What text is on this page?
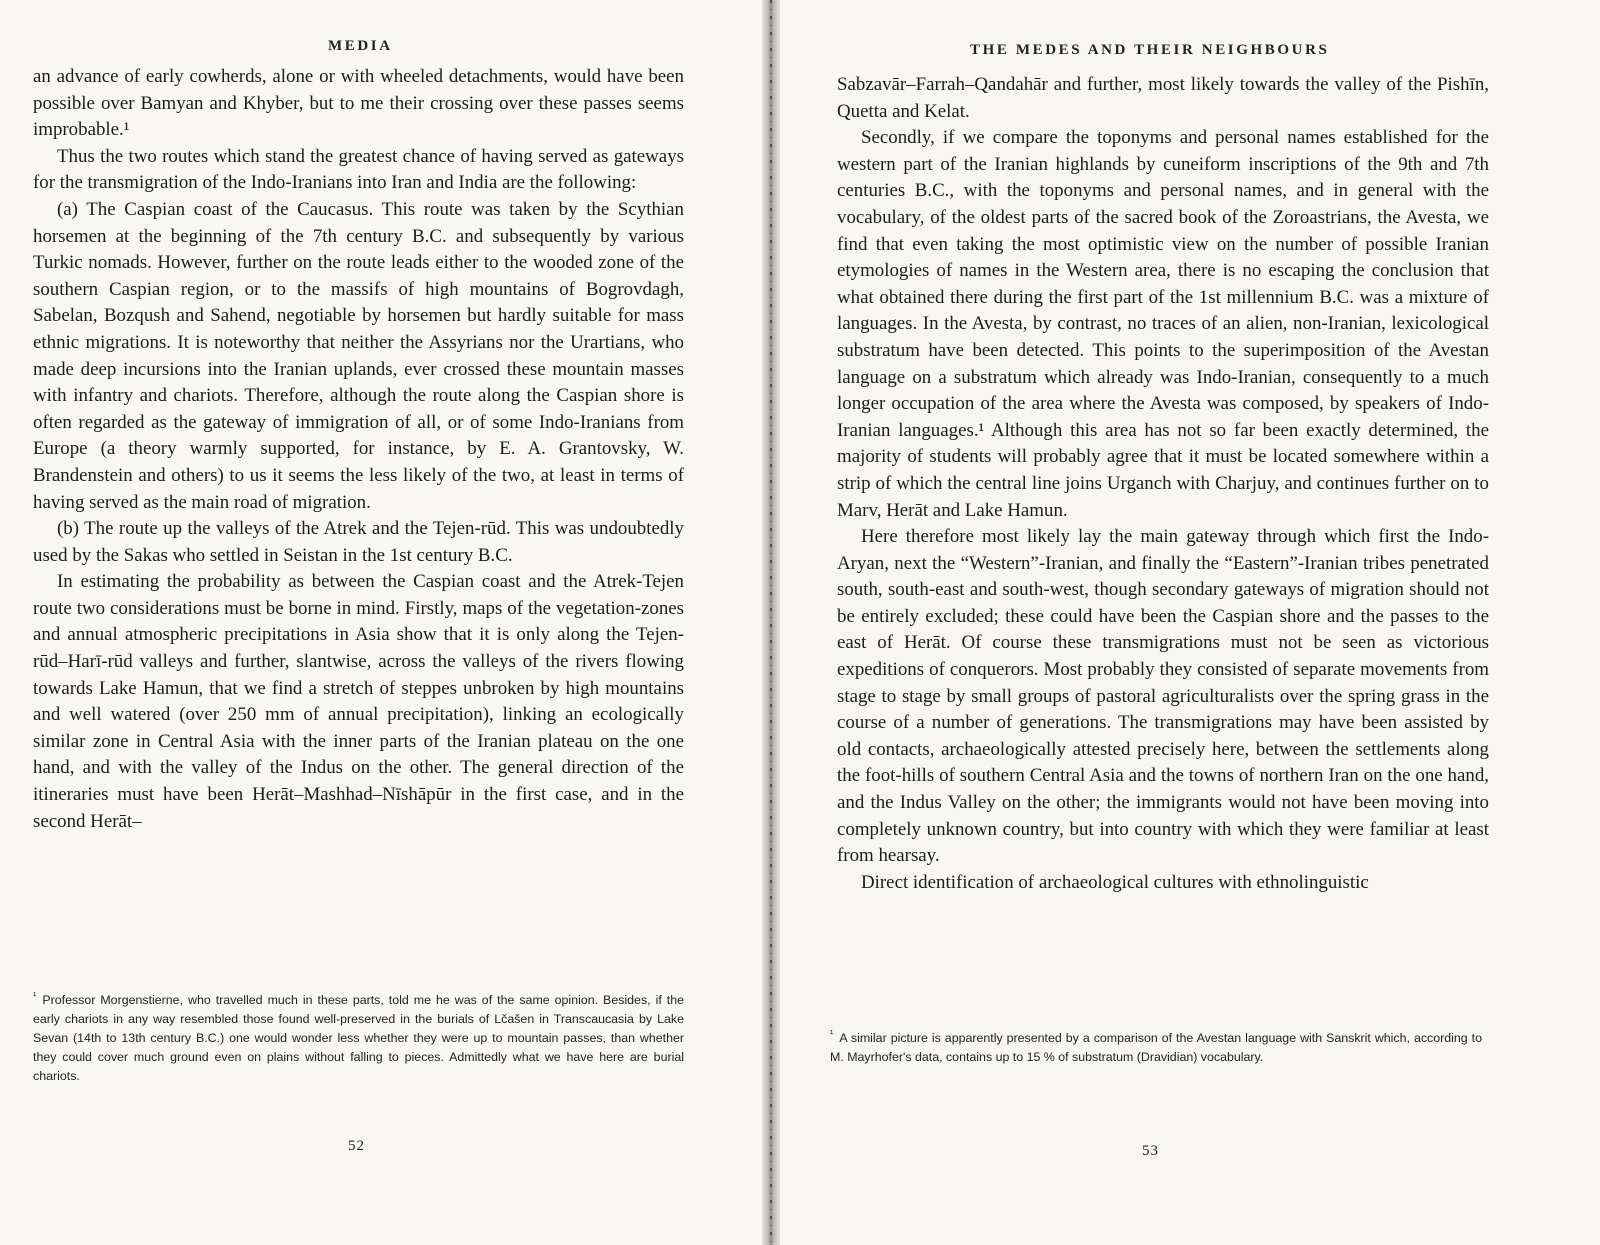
MEDIA

an advance of early cowherds, alone or with wheeled detachments, would have been possible over Bamyan and Khyber, but to me their crossing over these passes seems improbable.¹

Thus the two routes which stand the greatest chance of having served as gateways for the transmigration of the Indo-Iranians into Iran and India are the following:

(a) The Caspian coast of the Caucasus. This route was taken by the Scythian horsemen at the beginning of the 7th century B.C. and subsequently by various Turkic nomads. However, further on the route leads either to the wooded zone of the southern Caspian region, or to the massifs of high mountains of Bogrovdagh, Sabelan, Bozqush and Sahend, negotiable by horsemen but hardly suitable for mass ethnic migrations. It is noteworthy that neither the Assyrians nor the Urartians, who made deep incursions into the Iranian uplands, ever crossed these mountain masses with infantry and chariots. Therefore, although the route along the Caspian shore is often regarded as the gateway of immigration of all, or of some Indo-Iranians from Europe (a theory warmly supported, for instance, by E. A. Grantovsky, W. Brandenstein and others) to us it seems the less likely of the two, at least in terms of having served as the main road of migration.

(b) The route up the valleys of the Atrek and the Tejen-rūd. This was undoubtedly used by the Sakas who settled in Seistan in the 1st century B.C.

In estimating the probability as between the Caspian coast and the Atrek-Tejen route two considerations must be borne in mind. Firstly, maps of the vegetation-zones and annual atmospheric precipitations in Asia show that it is only along the Tejen-rūd–Harī-rūd valleys and further, slantwise, across the valleys of the rivers flowing towards Lake Hamun, that we find a stretch of steppes unbroken by high mountains and well watered (over 250 mm of annual precipitation), linking an ecologically similar zone in Central Asia with the inner parts of the Iranian plateau on the one hand, and with the valley of the Indus on the other. The general direction of the itineraries must have been Herāt–Mashhad–Nīshāpūr in the first case, and in the second Herāt–

$^{^1}$ Professor Morgenstierne, who travelled much in these parts, told me he was of the same opinion. Besides, if the early chariots in any way resembled those found well-preserved in the burials of Lčašen in Transcaucasia by Lake Sevan (14th to 13th century B.C.) one would wonder less whether they were up to mountain passes, than whether they could cover much ground even on plains without falling to pieces. Admittedly what we have here are burial chariots.
52
THE MEDES AND THEIR NEIGHBOURS

Sabzavār–Farrah–Qandahār and further, most likely towards the valley of the Pishīn, Quetta and Kelat.

Secondly, if we compare the toponyms and personal names established for the western part of the Iranian highlands by cuneiform inscriptions of the 9th and 7th centuries B.C., with the toponyms and personal names, and in general with the vocabulary, of the oldest parts of the sacred book of the Zoroastrians, the Avesta, we find that even taking the most optimistic view on the number of possible Iranian etymologies of names in the Western area, there is no escaping the conclusion that what obtained there during the first part of the 1st millennium B.C. was a mixture of languages. In the Avesta, by contrast, no traces of an alien, non-Iranian, lexicological substratum have been detected. This points to the superimposition of the Avestan language on a substratum which already was Indo-Iranian, consequently to a much longer occupation of the area where the Avesta was composed, by speakers of Indo-Iranian languages.¹ Although this area has not so far been exactly determined, the majority of students will probably agree that it must be located somewhere within a strip of which the central line joins Urganch with Charjuy, and continues further on to Marv, Herāt and Lake Hamun.

Here therefore most likely lay the main gateway through which first the Indo-Aryan, next the “Western”-Iranian, and finally the “Eastern”-Iranian tribes penetrated south, south-east and south-west, though secondary gateways of migration should not be entirely excluded; these could have been the Caspian shore and the passes to the east of Herāt. Of course these transmigrations must not be seen as victorious expeditions of conquerors. Most probably they consisted of separate movements from stage to stage by small groups of pastoral agriculturalists over the spring grass in the course of a number of generations. The transmigrations may have been assisted by old contacts, archaeologically attested precisely here, between the settlements along the foot-hills of southern Central Asia and the towns of northern Iran on the one hand, and the Indus Valley on the other; the immigrants would not have been moving into completely unknown country, but into country with which they were familiar at least from hearsay.

Direct identification of archaeological cultures with ethnolinguistic

$^{^1}$ A similar picture is apparently presented by a comparison of the Avestan language with Sanskrit which, according to M. Mayrhofer's data, contains up to 15 % of substratum (Dravidian) vocabulary.
53
